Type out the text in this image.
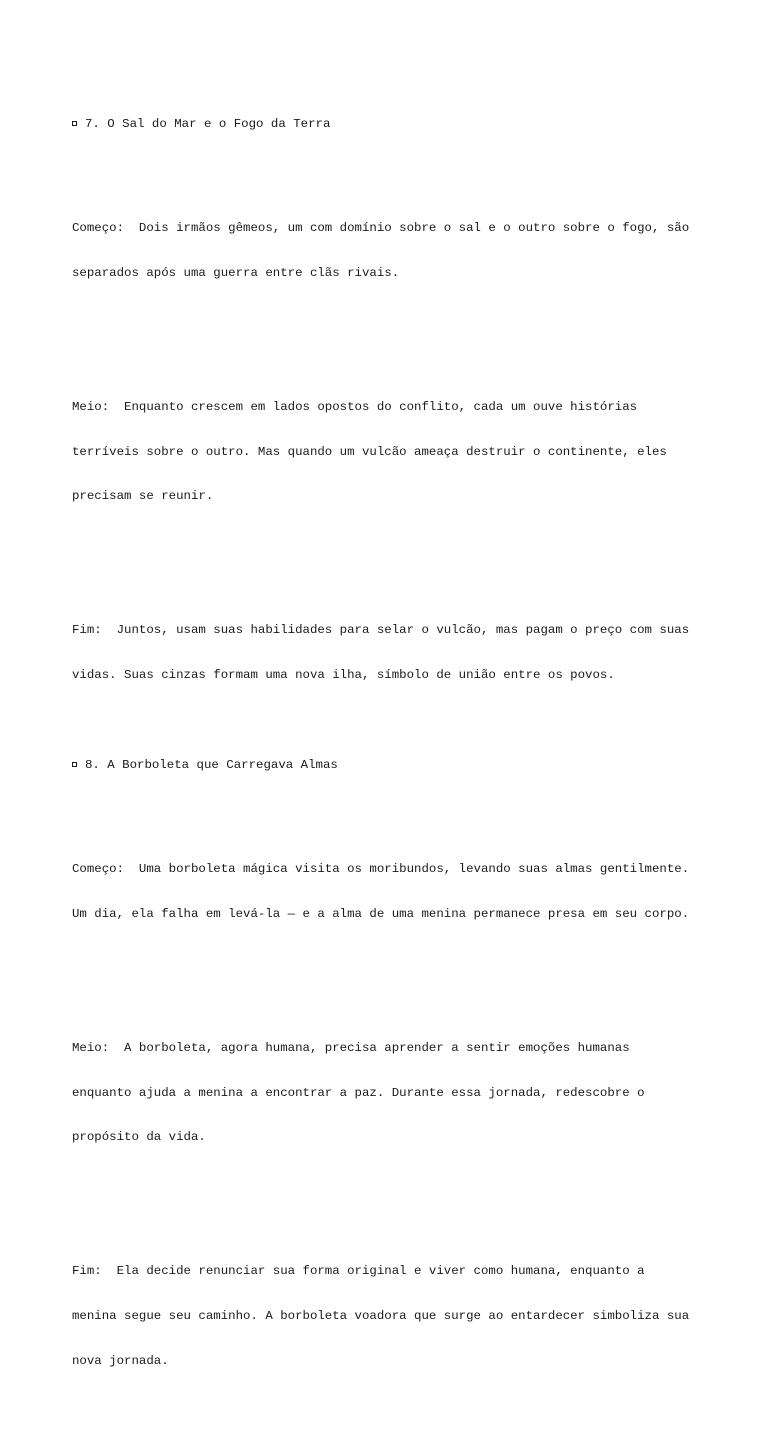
7. O Sal do Mar e o Fogo da Terra

Começo:  Dois irmãos gêmeos, um com domínio sobre o sal e o outro sobre o fogo, são

separados após uma guerra entre clãs rivais.

Meio:  Enquanto crescem em lados opostos do conflito, cada um ouve histórias

terríveis sobre o outro. Mas quando um vulcão ameaça destruir o continente, eles

precisam se reunir.

Fim:  Juntos, usam suas habilidades para selar o vulcão, mas pagam o preço com suas

vidas. Suas cinzas formam uma nova ilha, símbolo de união entre os povos.

8. A Borboleta que Carregava Almas

Começo:  Uma borboleta mágica visita os moribundos, levando suas almas gentilmente.

Um dia, ela falha em levá-la — e a alma de uma menina permanece presa em seu corpo.

Meio:  A borboleta, agora humana, precisa aprender a sentir emoções humanas

enquanto ajuda a menina a encontrar a paz. Durante essa jornada, redescobre o

propósito da vida.

Fim:  Ela decide renunciar sua forma original e viver como humana, enquanto a

menina segue seu caminho. A borboleta voadora que surge ao entardecer simboliza sua

nova jornada.
